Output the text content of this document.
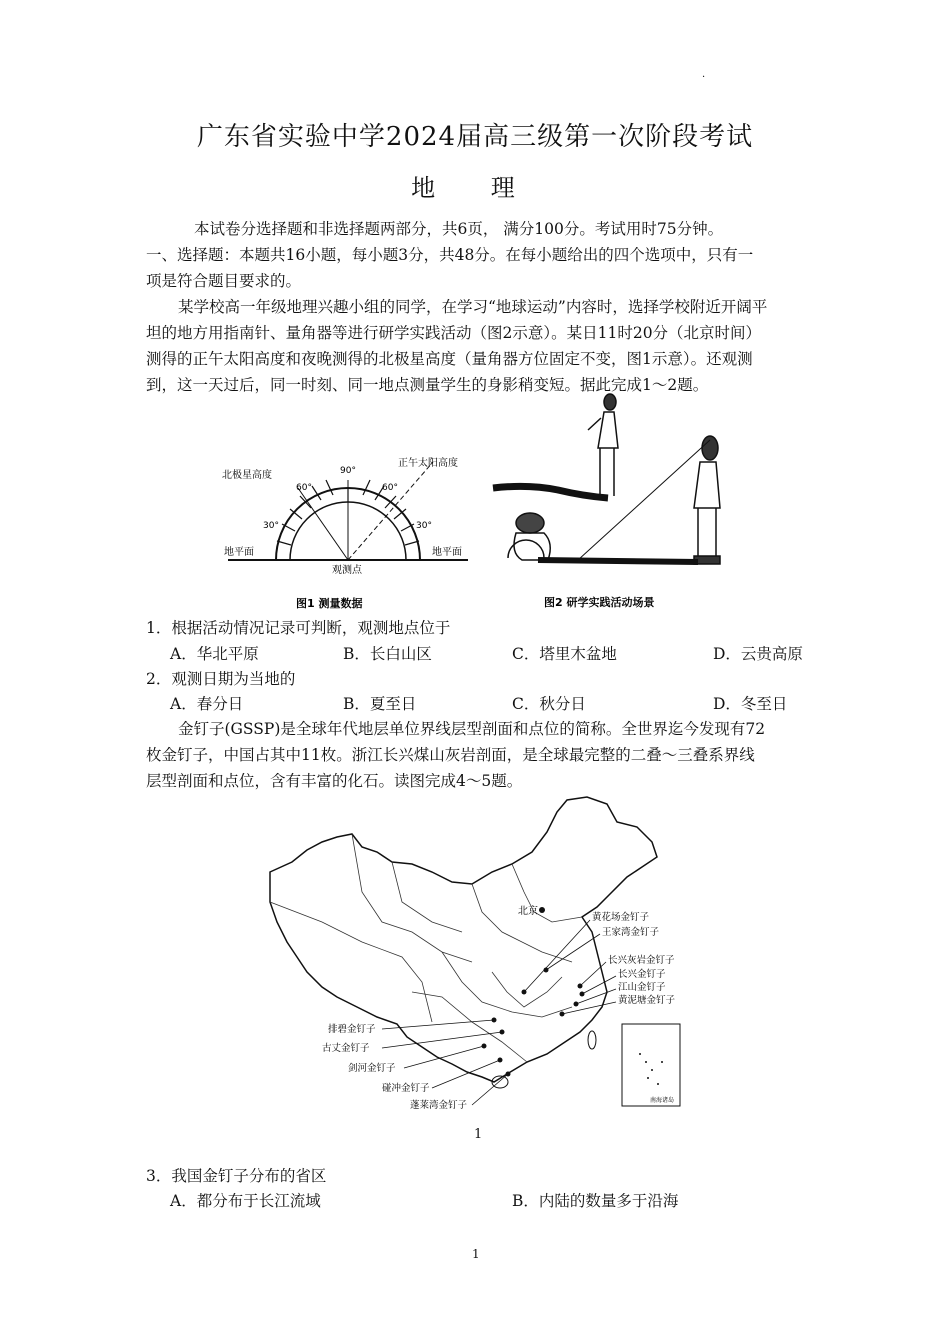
·
广东省实验中学2024届高三级第一次阶段考试
地 理
本试卷分选择题和非选择题两部分，共6页， 满分100分。考试用时75分钟。
一、选择题：本题共16小题，每小题3分，共48分。在每小题给出的四个选项中，只有一
项是符合题目要求的。
某学校高一年级地理兴趣小组的同学，在学习“地球运动”内容时，选择学校附近开阔平
坦的地方用指南针、量角器等进行研学实践活动（图2示意）。某日11时20分（北京时间）
测得的正午太阳高度和夜晚测得的北极星高度（量角器方位固定不变，图1示意）。还观测
到，这一天过后，同一时刻、同一地点测量学生的身影稍变短。据此完成1～2题。
北极星高度
正午太阳高度
地平面	地平面
观测点
90°
60°
30°
60°
30°
图1 测量数据	图2 研学实践活动场景
1．根据活动情况记录可判断，观测地点位于
A．华北平原	B．长白山区	C．塔里木盆地	D．云贵高原
2．观测日期为当地的
A．春分日	B．夏至日	C．秋分日	D．冬至日
金钉子(GSSP)是全球年代地层单位界线层型剖面和点位的简称。全世界迄今发现有72
枚金钉子，中国占其中11枚。浙江长兴煤山灰岩剖面，是全球最完整的二叠～三叠系界线
层型剖面和点位，含有丰富的化石。读图完成4～5题。
北京
黄花场金钉子
王家湾金钉子
长兴灰岩金钉子
长兴金钉子
江山金钉子
黄泥塘金钉子
排碧金钉子
古丈金钉子
剑河金钉子
碰冲金钉子
蓬莱湾金钉子	南海诸岛
1
3．我国金钉子分布的省区
A．都分布于长江流域	B．内陆的数量多于沿海
1
